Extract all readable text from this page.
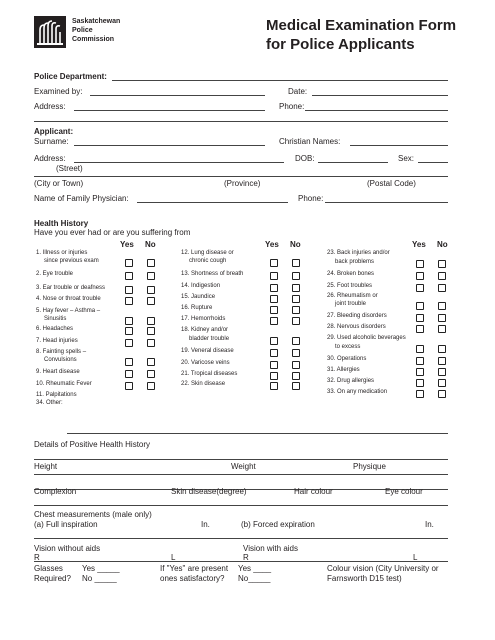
Saskatchewan
Police
Commission
Medical Examination Form
for Police Applicants
Police Department:
Examined by:	Date:
Address:	Phone:
Applicant:
Surname:	Christian Names:
Address:	DOB:	Sex:
(Street)
(City or Town)	(Province)	(Postal Code)
Name of Family Physician:	Phone:
Health History
Have you ever had or are you suffering from
Yes No	Yes No	Yes No
1. Illness or injuries
since previous exam
2. Eye trouble
3. Ear trouble or deafness
4. Nose or throat trouble
5. Hay fever – Asthma –
Sinusitis
6. Headaches
7. Head injuries
8. Fainting spells –
Convulsions
9. Heart disease
10. Rheumatic Fever
11. Palpitations
34. Other:
12. Lung disease or
chronic cough
13. Shortness of breath
14. Indigestion
15. Jaundice
16. Rupture
17. Hemorrhoids
18. Kidney and/or
bladder trouble
19. Veneral disease
20. Varicose veins
21. Tropical diseases
22. Skin disease
23. Back injuries and/or
back problems
24. Broken bones
25. Foot troubles
26. Rheumatism or
joint trouble
27. Bleeding disorders
28. Nervous disorders
29. Used alcoholic beverages
to excess
30. Operations
31. Allergies
32. Drug allergies
33. On any medication
Details of Positive Health History
Height	Weight	Physique
Complexion	Skin disease(degree)	Hair colour	Eye colour
Chest measurements (male only)
(a) Full inspiration	In.	(b) Forced expiration	In.
Vision without aids	Vision with aids
R	L	R	L
Glasses
Required?
Yes _____
No _____
If "Yes" are present
ones satisfactory?
Yes ____
No_____
Colour vision (City University or
Farnsworth D15 test)
